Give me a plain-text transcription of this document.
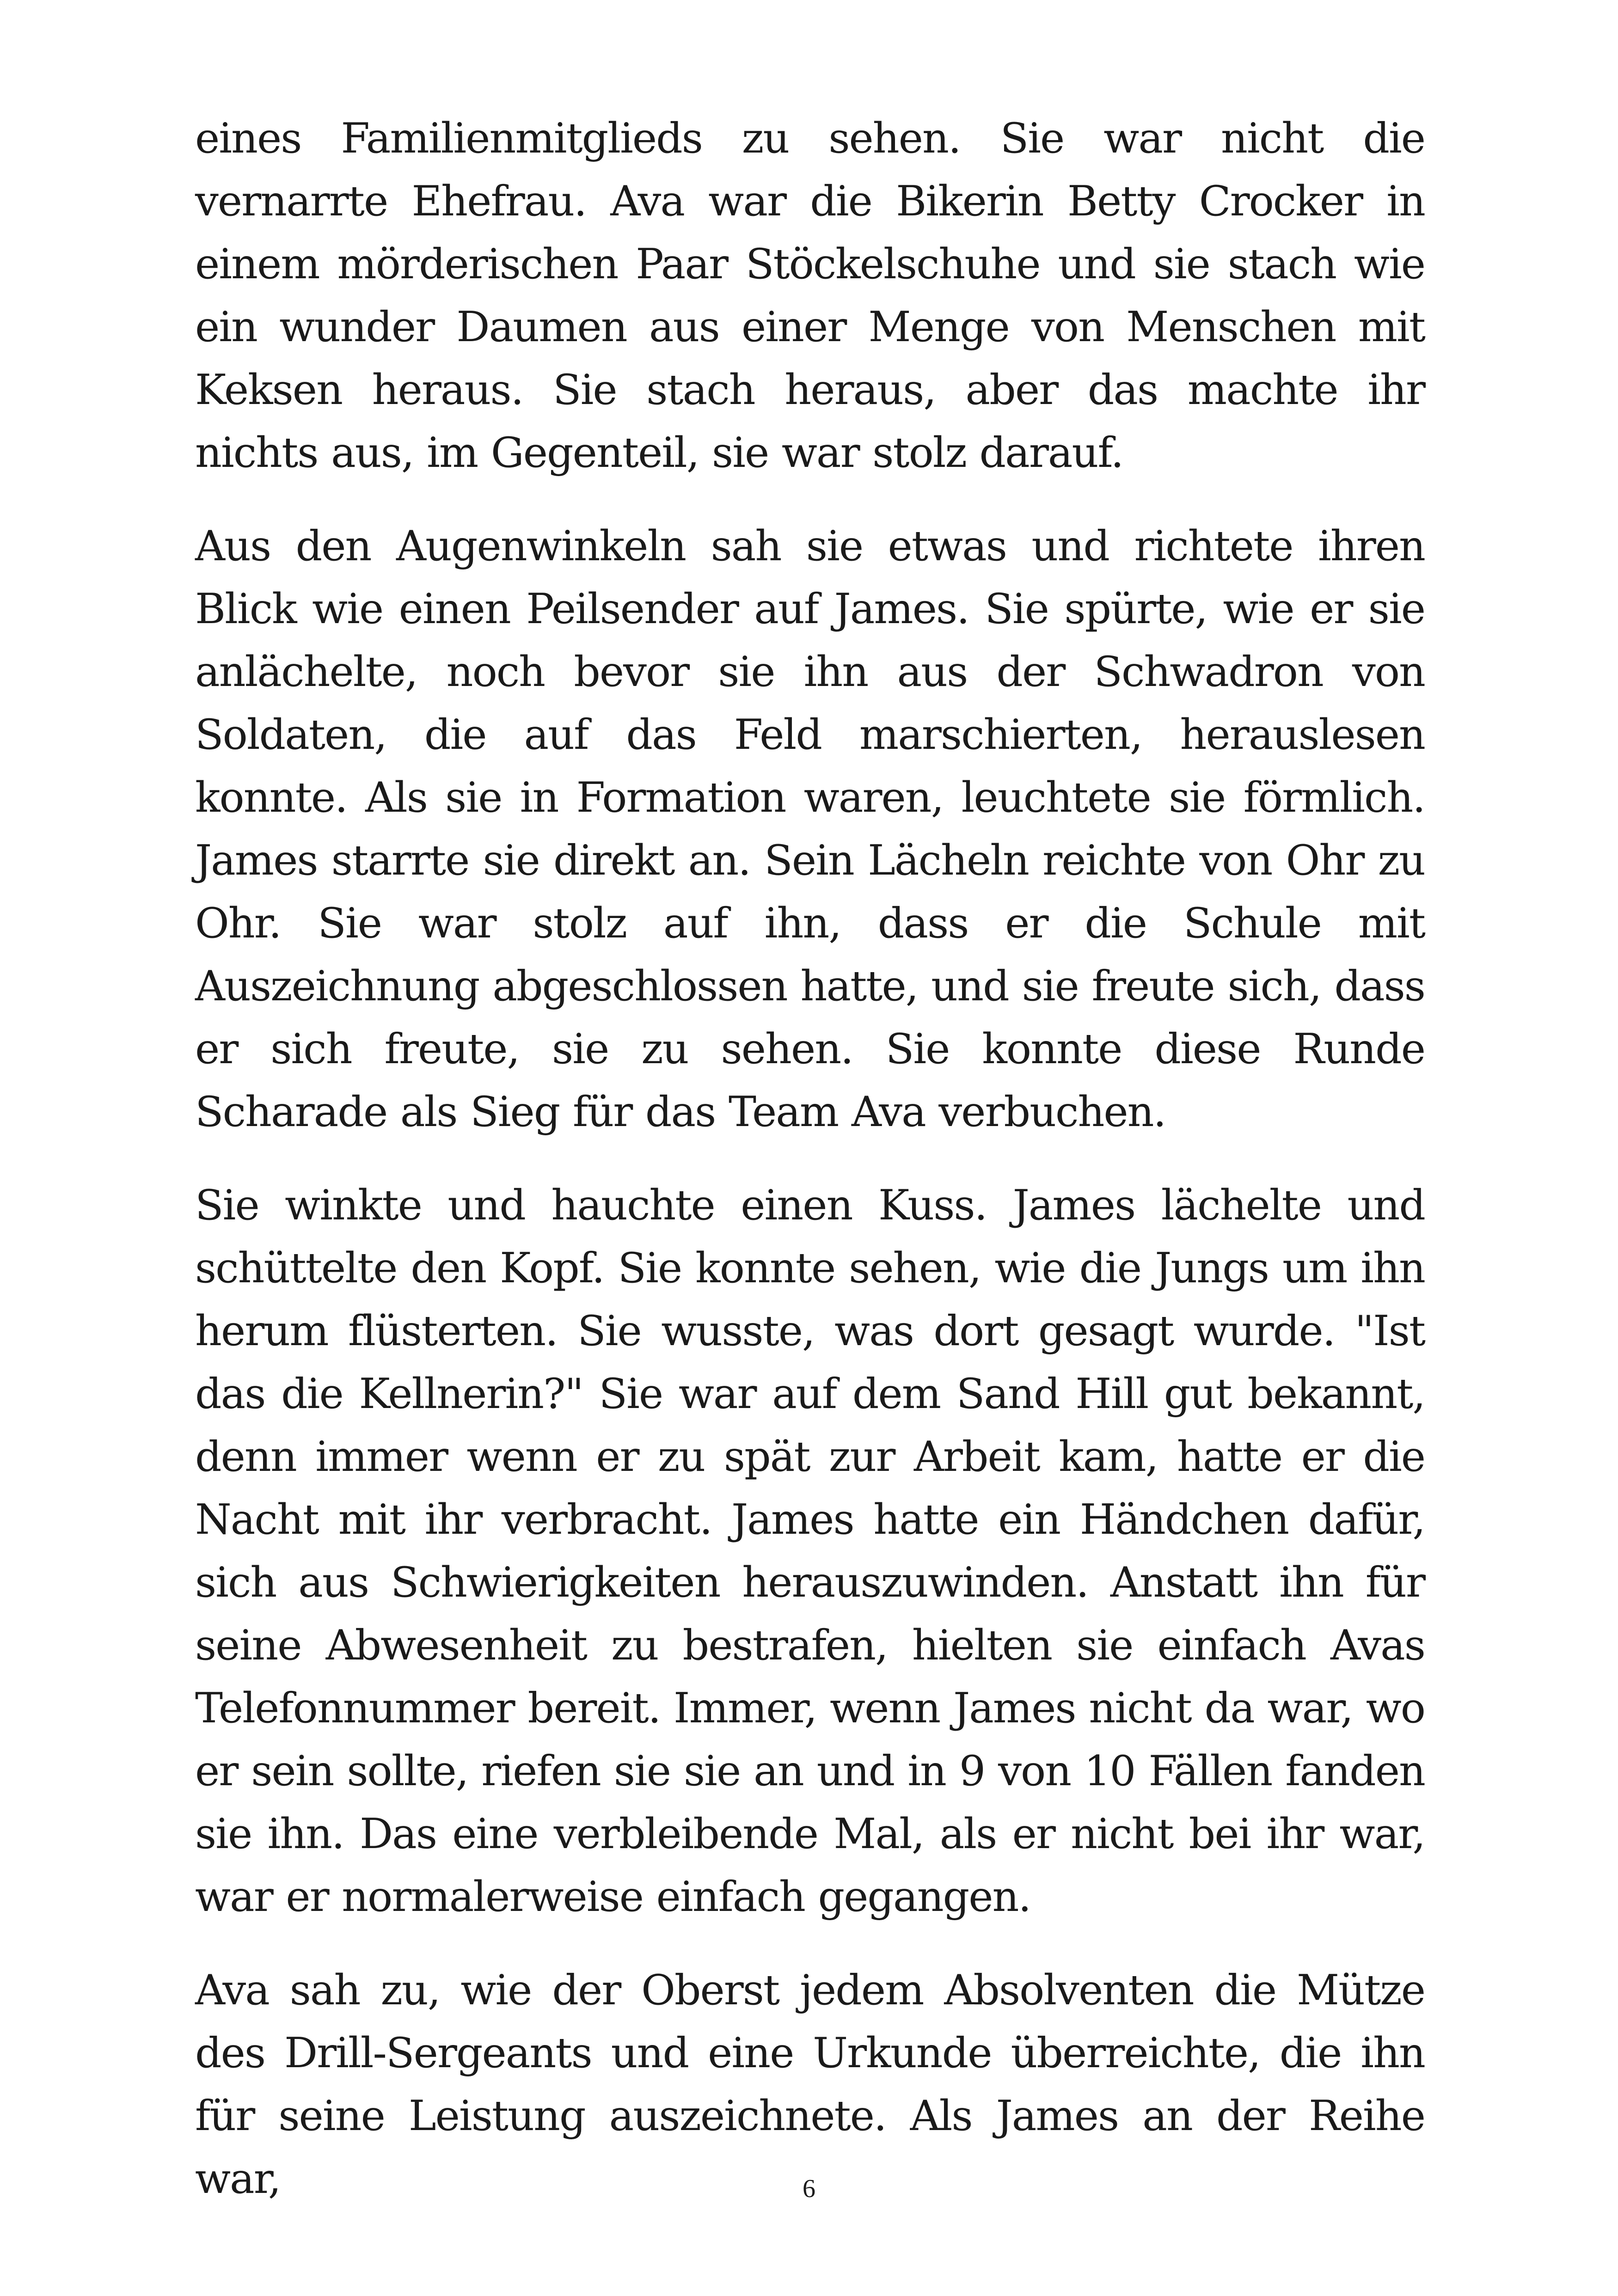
eines Familienmitglieds zu sehen. Sie war nicht die vernarrte Ehefrau. Ava war die Bikerin Betty Crocker in einem mörderischen Paar Stöckelschuhe und sie stach wie ein wunder Daumen aus einer Menge von Menschen mit Keksen heraus. Sie stach heraus, aber das machte ihr nichts aus, im Gegenteil, sie war stolz darauf.

Aus den Augenwinkeln sah sie etwas und richtete ihren Blick wie einen Peilsender auf James. Sie spürte, wie er sie anlächelte, noch bevor sie ihn aus der Schwadron von Soldaten, die auf das Feld marschierten, herauslesen konnte. Als sie in Formation waren, leuchtete sie förmlich. James starrte sie direkt an. Sein Lächeln reichte von Ohr zu Ohr. Sie war stolz auf ihn, dass er die Schule mit Auszeichnung abgeschlossen hatte, und sie freute sich, dass er sich freute, sie zu sehen. Sie konnte diese Runde Scharade als Sieg für das Team Ava verbuchen.

Sie winkte und hauchte einen Kuss. James lächelte und schüttelte den Kopf. Sie konnte sehen, wie die Jungs um ihn herum flüsterten. Sie wusste, was dort gesagt wurde. "Ist das die Kellnerin?" Sie war auf dem Sand Hill gut bekannt, denn immer wenn er zu spät zur Arbeit kam, hatte er die Nacht mit ihr verbracht. James hatte ein Händchen dafür, sich aus Schwierigkeiten herauszuwinden. Anstatt ihn für seine Abwesenheit zu bestrafen, hielten sie einfach Avas Telefonnummer bereit. Immer, wenn James nicht da war, wo er sein sollte, riefen sie sie an und in 9 von 10 Fällen fanden sie ihn. Das eine verbleibende Mal, als er nicht bei ihr war, war er normalerweise einfach gegangen.

Ava sah zu, wie der Oberst jedem Absolventen die Mütze des Drill-Sergeants und eine Urkunde überreichte, die ihn für seine Leistung auszeichnete. Als James an der Reihe war,	6
